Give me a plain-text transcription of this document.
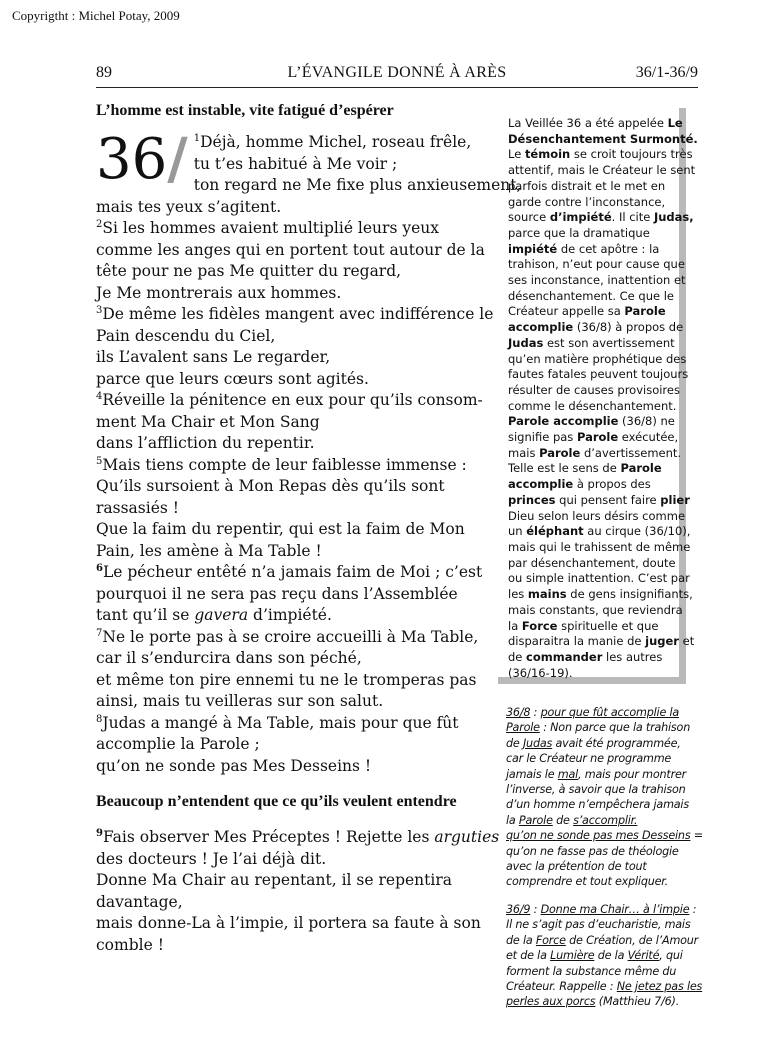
Copyrigtht : Michel Potay, 2009
89	L’ÉVANGILE DONNÉ À ARÈS	36/1-36/9
L’homme est instable, vite fatigué d’espérer
36/ $^1$Déjà, homme Michel, roseau frêle,
tu t’es habitué à Me voir ;
ton regard ne Me fixe plus anxieusement,
mais tes yeux s’agitent.
$^2$Si les hommes avaient multiplié leurs yeux
comme les anges qui en portent tout autour de la
tête pour ne pas Me quitter du regard,
Je Me montrerais aux hommes.
$^3$De même les fidèles mangent avec indifférence le
Pain descendu du Ciel,
ils L’avalent sans Le regarder,
parce que leurs cœurs sont agités.
$^4$Réveille la pénitence en eux pour qu’ils consom-
ment Ma Chair et Mon Sang
dans l’affliction du repentir.
$^5$Mais tiens compte de leur faiblesse immense :
Qu’ils sursoient à Mon Repas dès qu’ils sont
rassasiés !
Que la faim du repentir, qui est la faim de Mon
Pain, les amène à Ma Table !
$^6$Le pécheur entêté n’a jamais faim de Moi ; c’est
pourquoi il ne sera pas reçu dans l’Assemblée
tant qu’il se gavera d’impiété.
$^7$Ne le porte pas à se croire accueilli à Ma Table,
car il s’endurcira dans son péché,
et même ton pire ennemi tu ne le tromperas pas
ainsi, mais tu veilleras sur son salut.
$^8$Judas a mangé à Ma Table, mais pour que fût
accomplie la Parole ;
qu’on ne sonde pas Mes Desseins !
Beaucoup n’entendent que ce qu’ils veulent entendre
$^9$Fais observer Mes Préceptes ! Rejette les arguties
des docteurs ! Je l’ai déjà dit.
Donne Ma Chair au repentant, il se repentira
davantage,
mais donne-La à l’impie, il portera sa faute à son
comble !
La Veillée 36 a été appelée Le
Désenchantement Surmonté.
Le témoin se croit toujours très
attentif, mais le Créateur le sent
parfois distrait et le met en
garde contre l’inconstance,
source d’impiété. Il cite Judas,
parce que la dramatique
impiété de cet apôtre : la
trahison, n’eut pour cause que
ses inconstance, inattention et
désenchantement. Ce que le
Créateur appelle sa Parole
accomplie (36/8) à propos de
Judas est son avertissement
qu’en matière prophétique des
fautes fatales peuvent toujours
résulter de causes provisoires
comme le désenchantement.
Parole accomplie (36/8) ne
signifie pas Parole exécutée,
mais Parole d’avertissement.
Telle est le sens de Parole
accomplie à propos des
princes qui pensent faire plier
Dieu selon leurs désirs comme
un éléphant au cirque (36/10),
mais qui le trahissent de même
par désenchantement, doute
ou simple inattention. C’est par
les mains de gens insignifiants,
mais constants, que reviendra
la Force spirituelle et que
disparaitra la manie de juger et
de commander les autres
(36/16-19).
36/8 : pour que fût accomplie la
Parole : Non parce que la trahison
de Judas avait été programmée,
car le Créateur ne programme
jamais le mal, mais pour montrer
l’inverse, à savoir que la trahison
d’un homme n’empêchera jamais
la Parole de s’accomplir.
qu’on ne sonde pas mes Desseins =
qu’on ne fasse pas de théologie
avec la prétention de tout
comprendre et tout expliquer.
36/9 : Donne ma Chair… à l’impie :
Il ne s’agit pas d’eucharistie, mais
de la Force de Création, de l’Amour
et de la Lumière de la Vérité, qui
forment la substance même du
Créateur. Rappelle : Ne jetez pas les
perles aux porcs (Matthieu 7/6).
